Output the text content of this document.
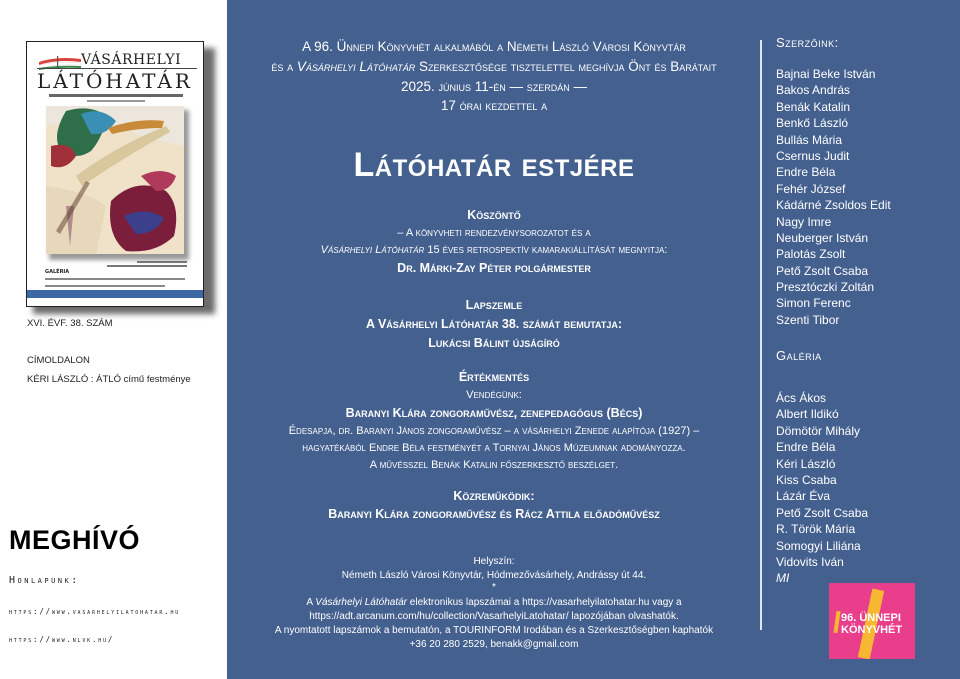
VÁSÁRHELYI
LÁTÓHATÁR
GALÉRIA
XVI. ÉVF. 38. SZÁM
CÍMOLDALON
KÉRI LÁSZLÓ : ÁTLÓ című festménye
MEGHÍVÓ
Honlapunk:
https://www.vasarhelyilatohatar.hu
https://www.nlvk.hu/
A 96. Ünnepi Könyvhét alkalmából a Németh László Városi Könyvtár
és a Vásárhelyi Látóhatár Szerkesztősége tisztelettel meghívja Önt és Barátait
2025. június 11-én — szerdán —
17 órai kezdettel a
Látóhatár estjére
Köszöntő
– A könyvheti rendezvénysorozatot és a
Vásárhelyi Látóhatár 15 éves retrospektív kamarakiállítását megnyitja:
Dr. Márki-Zay Péter polgármester
Lapszemle
A Vásárhelyi Látóhatár 38. számát bemutatja:
Lukácsi Bálint újságíró
Értékmentés
Vendégünk:
Baranyi Klára zongoraművész, zenepedagógus (Bécs)
Édesapja, dr. Baranyi János zongoraművész – a vásárhelyi Zenede alapítója (1927) –
hagyatékából Endre Béla festményét a Tornyai János Múzeumnak adományozza.
A művésszel Benák Katalin főszerkesztő beszélget.
Közreműködik:
Baranyi Klára zongoraművész és Rácz Attila előadóművész
Helyszín:
Németh László Városi Könyvtár, Hódmezővásárhely, Andrássy út 44.
*
A Vásárhelyi Látóhatár elektronikus lapszámai a https://vasarhelyilatohatar.hu vagy a
https://adt.arcanum.com/hu/collection/VasarhelyiLatohatar/ lapozójában olvashatók.
A nyomtatott lapszámok a bemutatón, a TOURINFORM Irodában és a Szerkesztőségben kaphatók
+36 20 280 2529, benakk@gmail.com
Szerzőink:
Bajnai Beke István
Bakos András
Benák Katalin
Benkő László
Bullás Mária
Csernus Judit
Endre Béla
Fehér József
Kádárné Zsoldos Edit
Nagy Imre
Neuberger István
Palotás Zsolt
Pető Zsolt Csaba
Presztóczki Zoltán
Simon Ferenc
Szenti Tibor
Galéria
Ács Ákos
Albert Ildikó
Dömötör Mihály
Endre Béla
Kéri László
Kiss Csaba
Lázár Éva
Pető Zsolt Csaba
R. Török Mária
Somogyi Liliána
Vidovits Iván
MI
96. ÜNNEPI
KÖNYVHÉT
